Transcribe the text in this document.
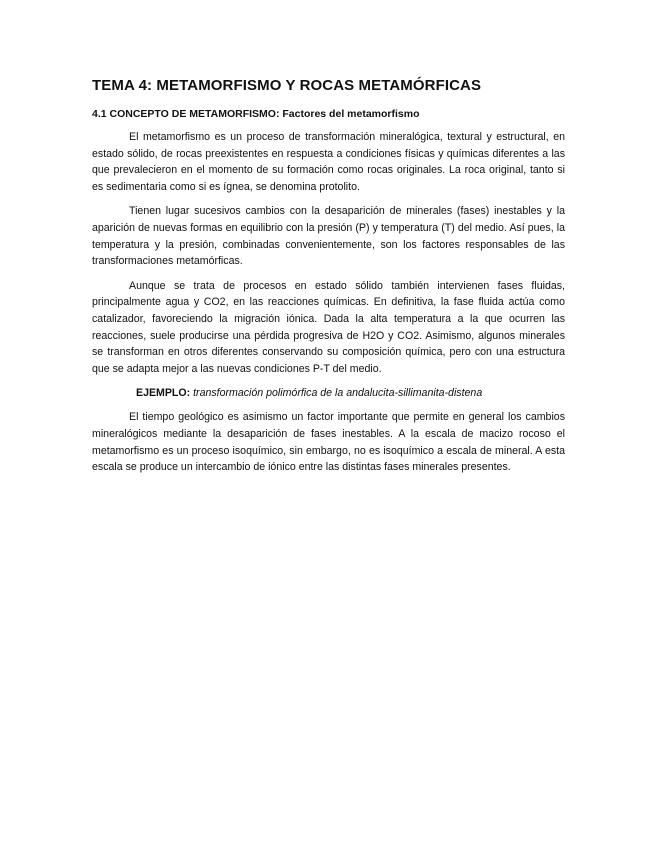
TEMA 4: METAMORFISMO Y ROCAS METAMÓRFICAS
4.1 CONCEPTO DE METAMORFISMO: Factores del metamorfismo

El metamorfismo es un proceso de transformación mineralógica, textural y estructural, en estado sólido, de rocas preexistentes en respuesta a condiciones físicas y químicas diferentes a las que prevalecieron en el momento de su formación como rocas originales. La roca original, tanto si es sedimentaria como si es ígnea, se denomina protolito.

Tienen lugar sucesivos cambios con la desaparición de minerales (fases) inestables y la aparición de nuevas formas en equilibrio con la presión (P) y temperatura (T) del medio. Así pues, la temperatura y la presión, combinadas convenientemente, son los factores responsables de las transformaciones metamórficas.

Aunque se trata de procesos en estado sólido también intervienen fases fluidas, principalmente agua y CO2, en las reacciones químicas. En definitiva, la fase fluida actúa como catalizador, favoreciendo la migración iónica. Dada la alta temperatura a la que ocurren las reacciones, suele producirse una pérdida progresiva de H2O y CO2. Asimismo, algunos minerales se transforman en otros diferentes conservando su composición química, pero con una estructura que se adapta mejor a las nuevas condiciones P-T del medio.

EJEMPLO: transformación polimórfica de la andalucita-sillimanita-distena

El tiempo geológico es asimismo un factor importante que permite en general los cambios mineralógicos mediante la desaparición de fases inestables. A la escala de macizo rocoso el metamorfismo es un proceso isoquímico, sin embargo, no es isoquímico a escala de mineral. A esta escala se produce un intercambio de iónico entre las distintas fases minerales presentes.
